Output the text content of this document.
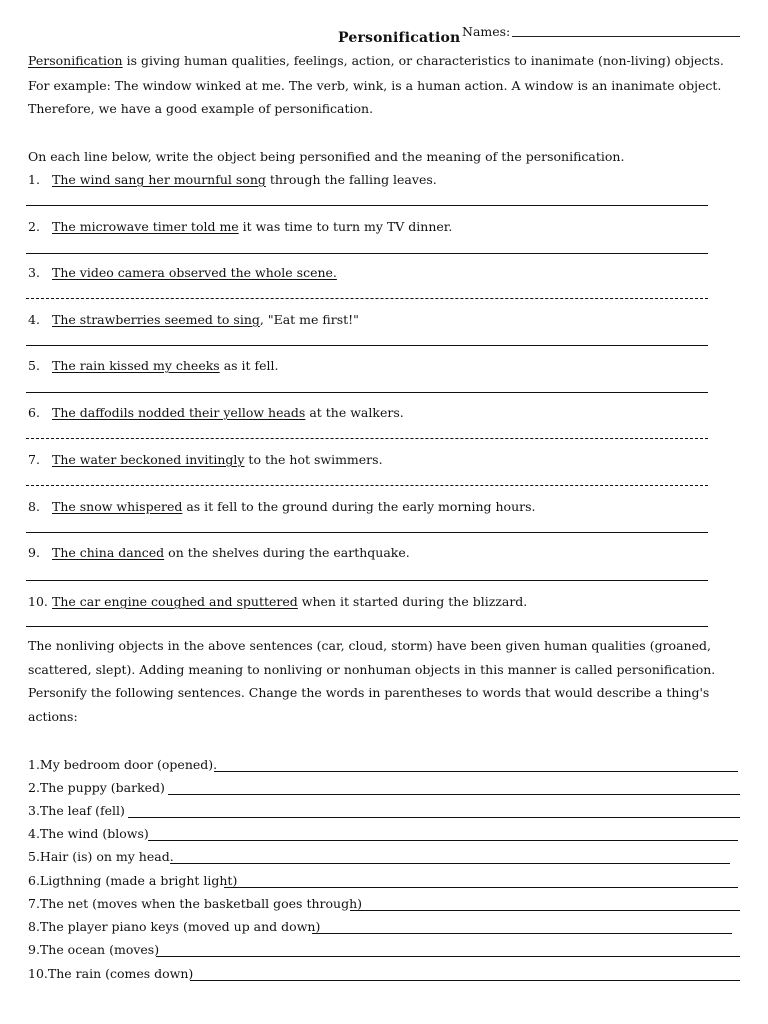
Personification Names:
Personification is giving human qualities, feelings, action, or characteristics to inanimate (non-living) objects.
For example: The window winked at me. The verb, wink, is a human action. A window is an inanimate object.
Therefore, we have a good example of personification.
On each line below, write the object being personified and the meaning of the personification.
1. The wind sang her mournful song through the falling leaves.
2. The microwave timer told me it was time to turn my TV dinner.
3. The video camera observed the whole scene.
4. The strawberries seemed to sing, "Eat me first!"
5. The rain kissed my cheeks as it fell.
6. The daffodils nodded their yellow heads at the walkers.
7. The water beckoned invitingly to the hot swimmers.
8. The snow whispered as it fell to the ground during the early morning hours.
9. The china danced on the shelves during the earthquake.
10. The car engine coughed and sputtered when it started during the blizzard.
The nonliving objects in the above sentences (car, cloud, storm) have been given human qualities (groaned,
scattered, slept). Adding meaning to nonliving or nonhuman objects in this manner is called personification.
Personify the following sentences. Change the words in parentheses to words that would describe a thing's
actions:
1.My bedroom door (opened).
2.The puppy (barked)
3.The leaf (fell)
4.The wind (blows)
5.Hair (is) on my head.
6.Ligthning (made a bright light)
7.The net (moves when the basketball goes through)
8.The player piano keys (moved up and down)
9.The ocean (moves)
10.The rain (comes down)
